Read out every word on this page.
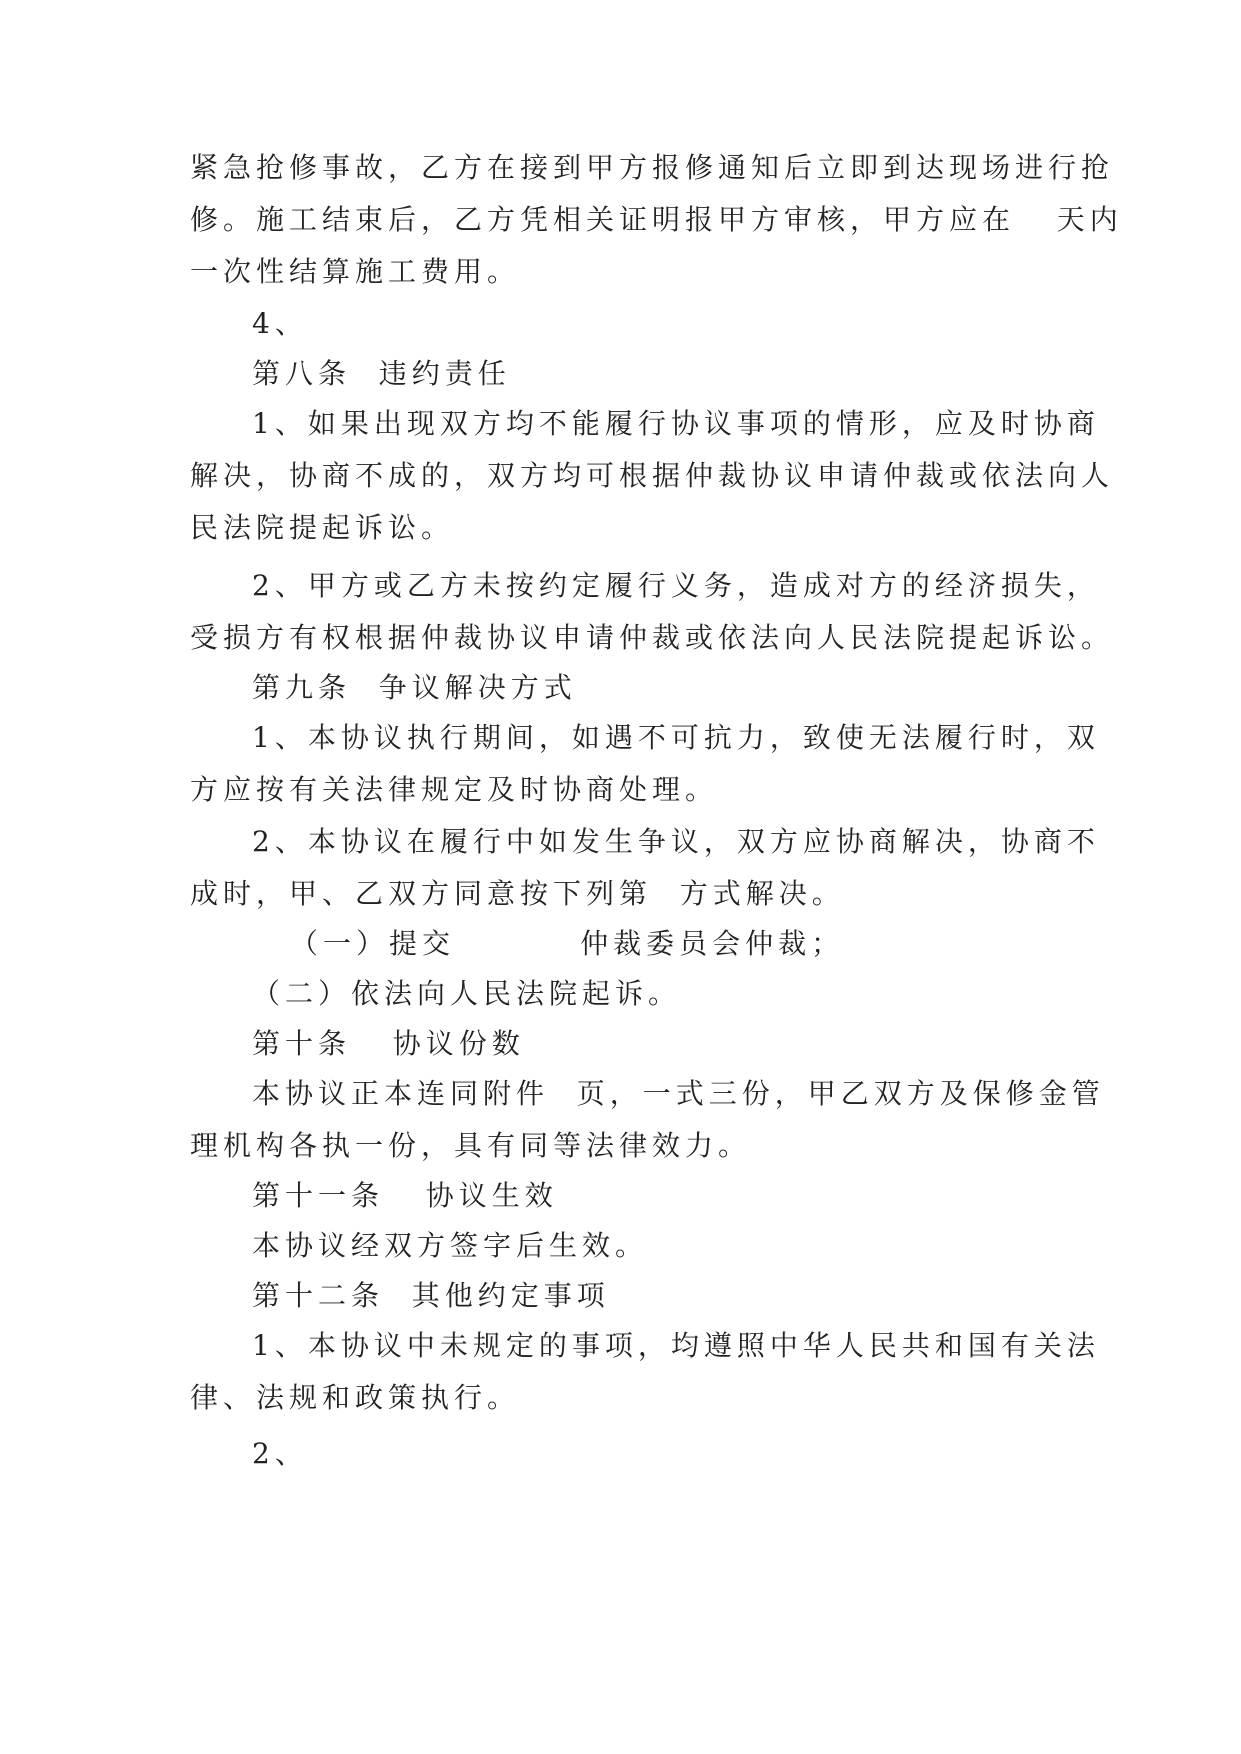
紧急抢修事故，乙方在接到甲方报修通知后立即到达现场进行抢
修。施工结束后，乙方凭相关证明报甲方审核，甲方应在   天内
一次性结算施工费用。
4、
第八条  违约责任
1、如果出现双方均不能履行协议事项的情形，应及时协商
解决，协商不成的，双方均可根据仲裁协议申请仲裁或依法向人
民法院提起诉讼。
2、甲方或乙方未按约定履行义务，造成对方的经济损失，
受损方有权根据仲裁协议申请仲裁或依法向人民法院提起诉讼。
第九条  争议解决方式
1、本协议执行期间，如遇不可抗力，致使无法履行时，双
方应按有关法律规定及时协商处理。
2、本协议在履行中如发生争议，双方应协商解决，协商不
成时，甲、乙双方同意按下列第  方式解决。
（一）提交         仲裁委员会仲裁；
（二）依法向人民法院起诉。
第十条   协议份数
本协议正本连同附件  页，一式三份，甲乙双方及保修金管
理机构各执一份，具有同等法律效力。
第十一条   协议生效
本协议经双方签字后生效。
第十二条  其他约定事项
1、本协议中未规定的事项，均遵照中华人民共和国有关法
律、法规和政策执行。
2、
